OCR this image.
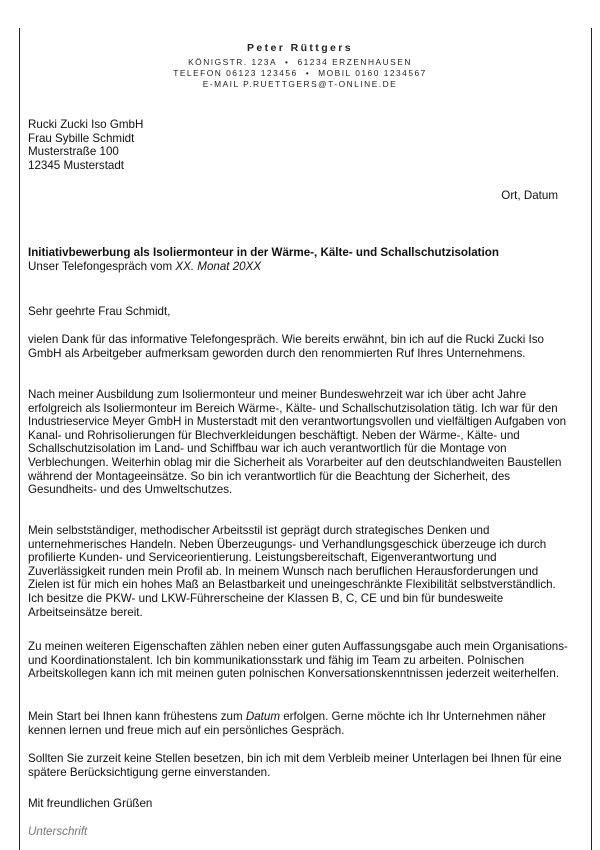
Peter Rüttgers
KÖNIGSTR. 123A • 61234 ERZENHAUSEN
TELEFON 06123 123456 • MOBIL 0160 1234567
E-MAIL P.RUETTGERS@T-ONLINE.DE
Rucki Zucki Iso GmbH
Frau Sybille Schmidt
Musterstraße 100
12345 Musterstadt
Ort, Datum
Initiativbewerbung als Isoliermonteur in der Wärme-, Kälte- und Schallschutzisolation
Unser Telefongespräch vom XX. Monat 20XX
Sehr geehrte Frau Schmidt,

vielen Dank für das informative Telefongespräch. Wie bereits erwähnt, bin ich auf die Rucki Zucki Iso GmbH als Arbeitgeber aufmerksam geworden durch den renommierten Ruf Ihres Unternehmens.

Nach meiner Ausbildung zum Isoliermonteur und meiner Bundeswehrzeit war ich über acht Jahre erfolgreich als Isoliermonteur im Bereich Wärme-, Kälte- und Schallschutzisolation tätig. Ich war für den Industrieservice Meyer GmbH in Musterstadt mit den verantwortungsvollen und vielfältigen Aufgaben von Kanal- und Rohrisolierungen für Blechverkleidungen beschäftigt. Neben der Wärme-, Kälte- und Schallschutzisolation im Land- und Schiffbau war ich auch verantwortlich für die Montage von Verblechungen. Weiterhin oblag mir die Sicherheit als Vorarbeiter auf den deutschlandweiten Baustellen während der Montageeinsätze. So bin ich verantwortlich für die Beachtung der Sicherheit, des Gesundheits- und des Umweltschutzes.

Mein selbstständiger, methodischer Arbeitsstil ist geprägt durch strategisches Denken und unternehmerisches Handeln. Neben Überzeugungs- und Verhandlungsgeschick überzeuge ich durch profilierte Kunden- und Serviceorientierung. Leistungsbereitschaft, Eigenverantwortung und Zuverlässigkeit runden mein Profil ab. In meinem Wunsch nach beruflichen Herausforderungen und Zielen ist für mich ein hohes Maß an Belastbarkeit und uneingeschränkte Flexibilität selbstverständlich. Ich besitze die PKW- und LKW-Führerscheine der Klassen B, C, CE und bin für bundesweite Arbeitseinsätze bereit.

Zu meinen weiteren Eigenschaften zählen neben einer guten Auffassungsgabe auch mein Organisations- und Koordinationstalent. Ich bin kommunikationsstark und fähig im Team zu arbeiten. Polnischen Arbeitskollegen kann ich mit meinen guten polnischen Konversationskenntnissen jederzeit weiterhelfen.

Mein Start bei Ihnen kann frühestens zum Datum erfolgen. Gerne möchte ich Ihr Unternehmen näher kennen lernen und freue mich auf ein persönliches Gespräch.

Sollten Sie zurzeit keine Stellen besetzen, bin ich mit dem Verbleib meiner Unterlagen bei Ihnen für eine spätere Berücksichtigung gerne einverstanden.

Mit freundlichen Grüßen
Unterschrift
